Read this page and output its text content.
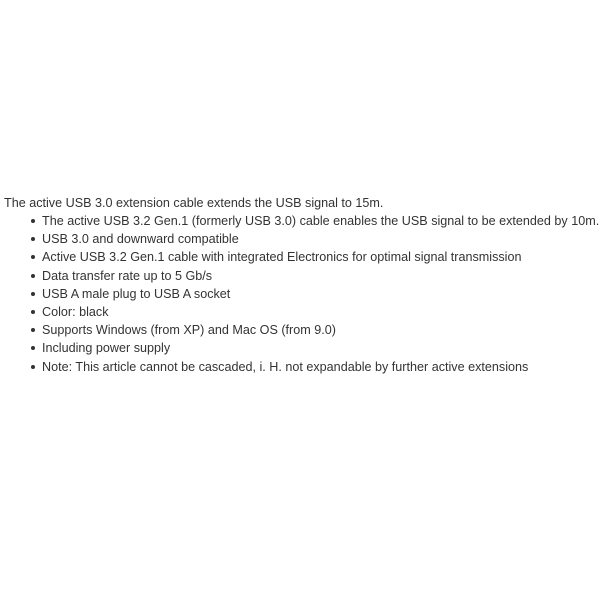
The active USB 3.0 extension cable extends the USB signal to 15m.

The active USB 3.2 Gen.1 (formerly USB 3.0) cable enables the USB signal to be extended by 10m.
USB 3.0 and downward compatible
Active USB 3.2 Gen.1 cable with integrated Electronics for optimal signal transmission
Data transfer rate up to 5 Gb/s
USB A male plug to USB A socket
Color: black
Supports Windows (from XP) and Mac OS (from 9.0)
Including power supply
Note: This article cannot be cascaded, i. H. not expandable by further active extensions
